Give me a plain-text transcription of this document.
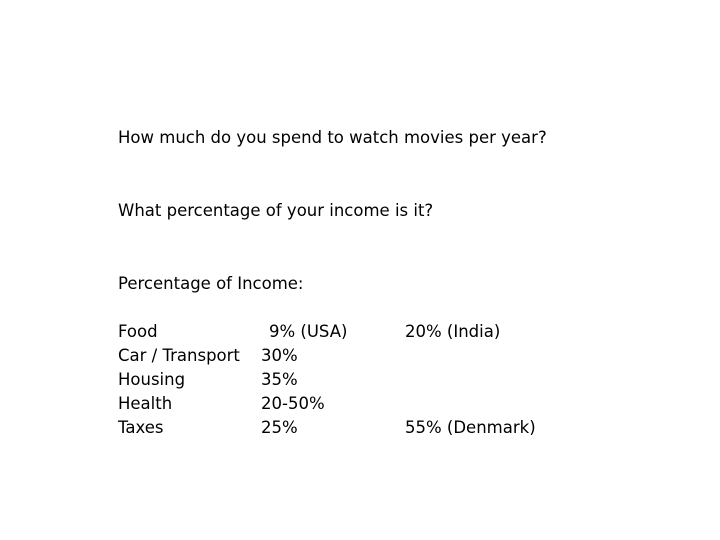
How much do you spend to watch movies per year?
What percentage of your income is it?
Percentage of Income:
Food	9% (USA)	20% (India)
Car / Transport 30%
Housing	35%
Health	20-50%
Taxes	25%	55% (Denmark)
